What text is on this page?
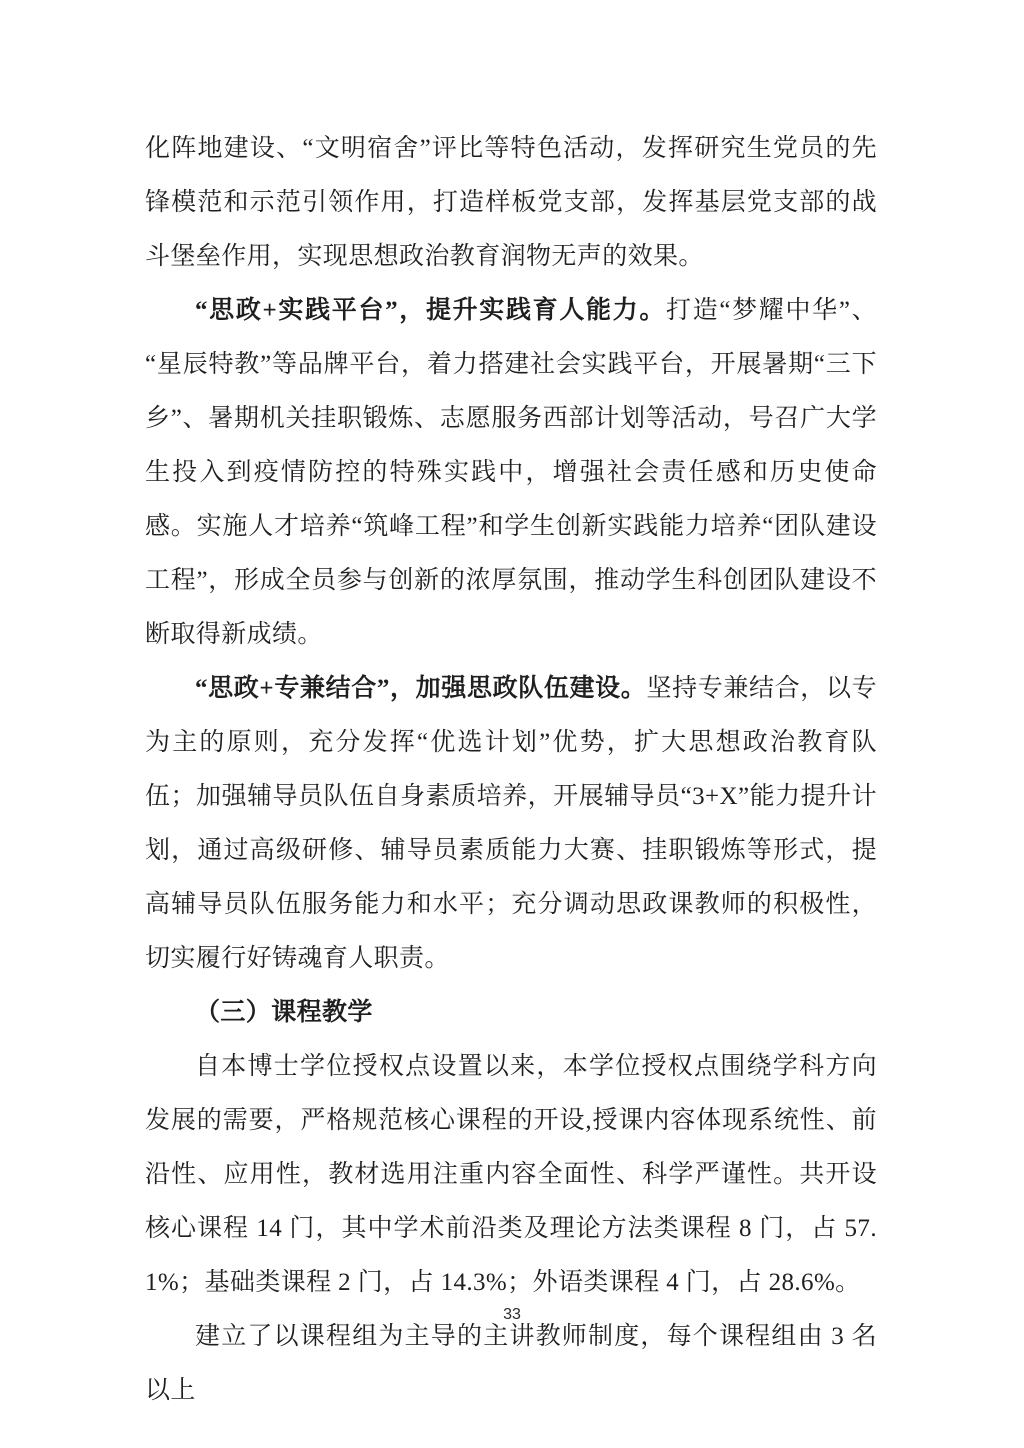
化阵地建设、“文明宿舍”评比等特色活动，发挥研究生党员的先锋模范和示范引领作用，打造样板党支部，发挥基层党支部的战斗堡垒作用，实现思想政治教育润物无声的效果。

“思政+实践平台”，提升实践育人能力。打造“梦耀中华”、“星辰特教”等品牌平台，着力搭建社会实践平台，开展暑期“三下乡”、暑期机关挂职锻炼、志愿服务西部计划等活动，号召广大学生投入到疫情防控的特殊实践中，增强社会责任感和历史使命感。实施人才培养“筑峰工程”和学生创新实践能力培养“团队建设工程”，形成全员参与创新的浓厚氛围，推动学生科创团队建设不断取得新成绩。

“思政+专兼结合”，加强思政队伍建设。坚持专兼结合，以专为主的原则，充分发挥“优选计划”优势，扩大思想政治教育队伍；加强辅导员队伍自身素质培养，开展辅导员“3+X”能力提升计划，通过高级研修、辅导员素质能力大赛、挂职锻炼等形式，提高辅导员队伍服务能力和水平；充分调动思政课教师的积极性，切实履行好铸魂育人职责。

（三）课程教学

自本博士学位授权点设置以来，本学位授权点围绕学科方向发展的需要，严格规范核心课程的开设,授课内容体现系统性、前沿性、应用性，教材选用注重内容全面性、科学严谨性。共开设核心课程 14 门，其中学术前沿类及理论方法类课程 8 门，占 57.1%；基础类课程 2 门，占 14.3%；外语类课程 4 门，占 28.6%。

建立了以课程组为主导的主讲教师制度，每个课程组由 3 名以上

33
